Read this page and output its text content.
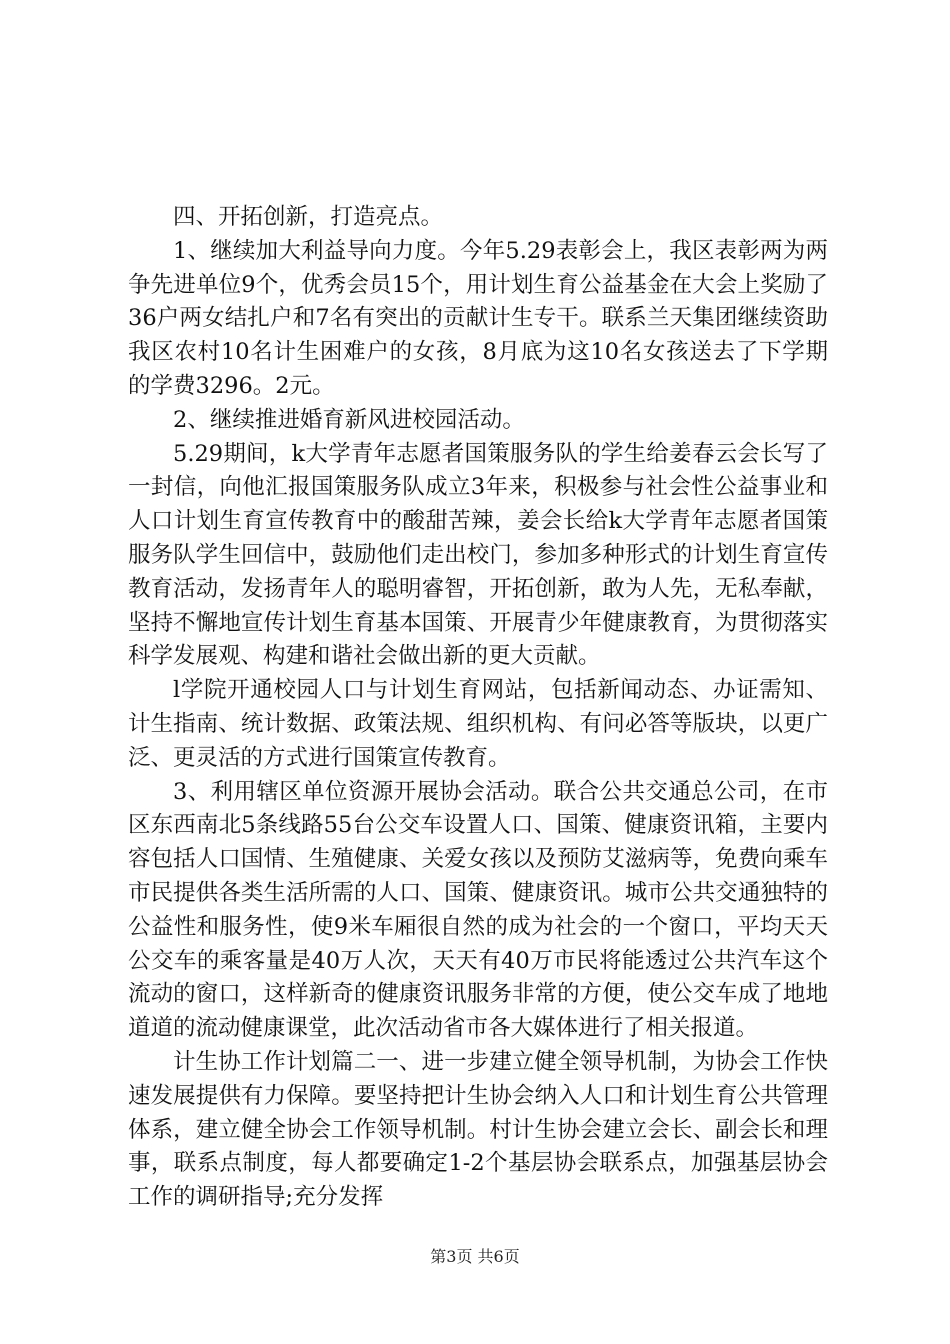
四、开拓创新，打造亮点。

1、继续加大利益导向力度。今年5.29表彰会上，我区表彰两为两争先进单位9个，优秀会员15个，用计划生育公益基金在大会上奖励了36户两女结扎户和7名有突出的贡献计生专干。联系兰天集团继续资助我区农村10名计生困难户的女孩，8月底为这10名女孩送去了下学期的学费3296。2元。

2、继续推进婚育新风进校园活动。

5.29期间，k大学青年志愿者国策服务队的学生给姜春云会长写了一封信，向他汇报国策服务队成立3年来，积极参与社会性公益事业和人口计划生育宣传教育中的酸甜苦辣，姜会长给k大学青年志愿者国策服务队学生回信中，鼓励他们走出校门，参加多种形式的计划生育宣传教育活动，发扬青年人的聪明睿智，开拓创新，敢为人先，无私奉献，坚持不懈地宣传计划生育基本国策、开展青少年健康教育，为贯彻落实科学发展观、构建和谐社会做出新的更大贡献。

l学院开通校园人口与计划生育网站，包括新闻动态、办证需知、计生指南、统计数据、政策法规、组织机构、有问必答等版块，以更广泛、更灵活的方式进行国策宣传教育。

3、利用辖区单位资源开展协会活动。联合公共交通总公司，在市区东西南北5条线路55台公交车设置人口、国策、健康资讯箱，主要内容包括人口国情、生殖健康、关爱女孩以及预防艾滋病等，免费向乘车市民提供各类生活所需的人口、国策、健康资讯。城市公共交通独特的公益性和服务性，使9米车厢很自然的成为社会的一个窗口，平均天天公交车的乘客量是40万人次，天天有40万市民将能透过公共汽车这个流动的窗口，这样新奇的健康资讯服务非常的方便，使公交车成了地地道道的流动健康课堂，此次活动省市各大媒体进行了相关报道。

计生协工作计划篇二一、进一步建立健全领导机制，为协会工作快速发展提供有力保障。要坚持把计生协会纳入人口和计划生育公共管理体系，建立健全协会工作领导机制。村计生协会建立会长、副会长和理事，联系点制度，每人都要确定1-2个基层协会联系点，加强基层协会工作的调研指导;充分发挥

第3页 共6页
